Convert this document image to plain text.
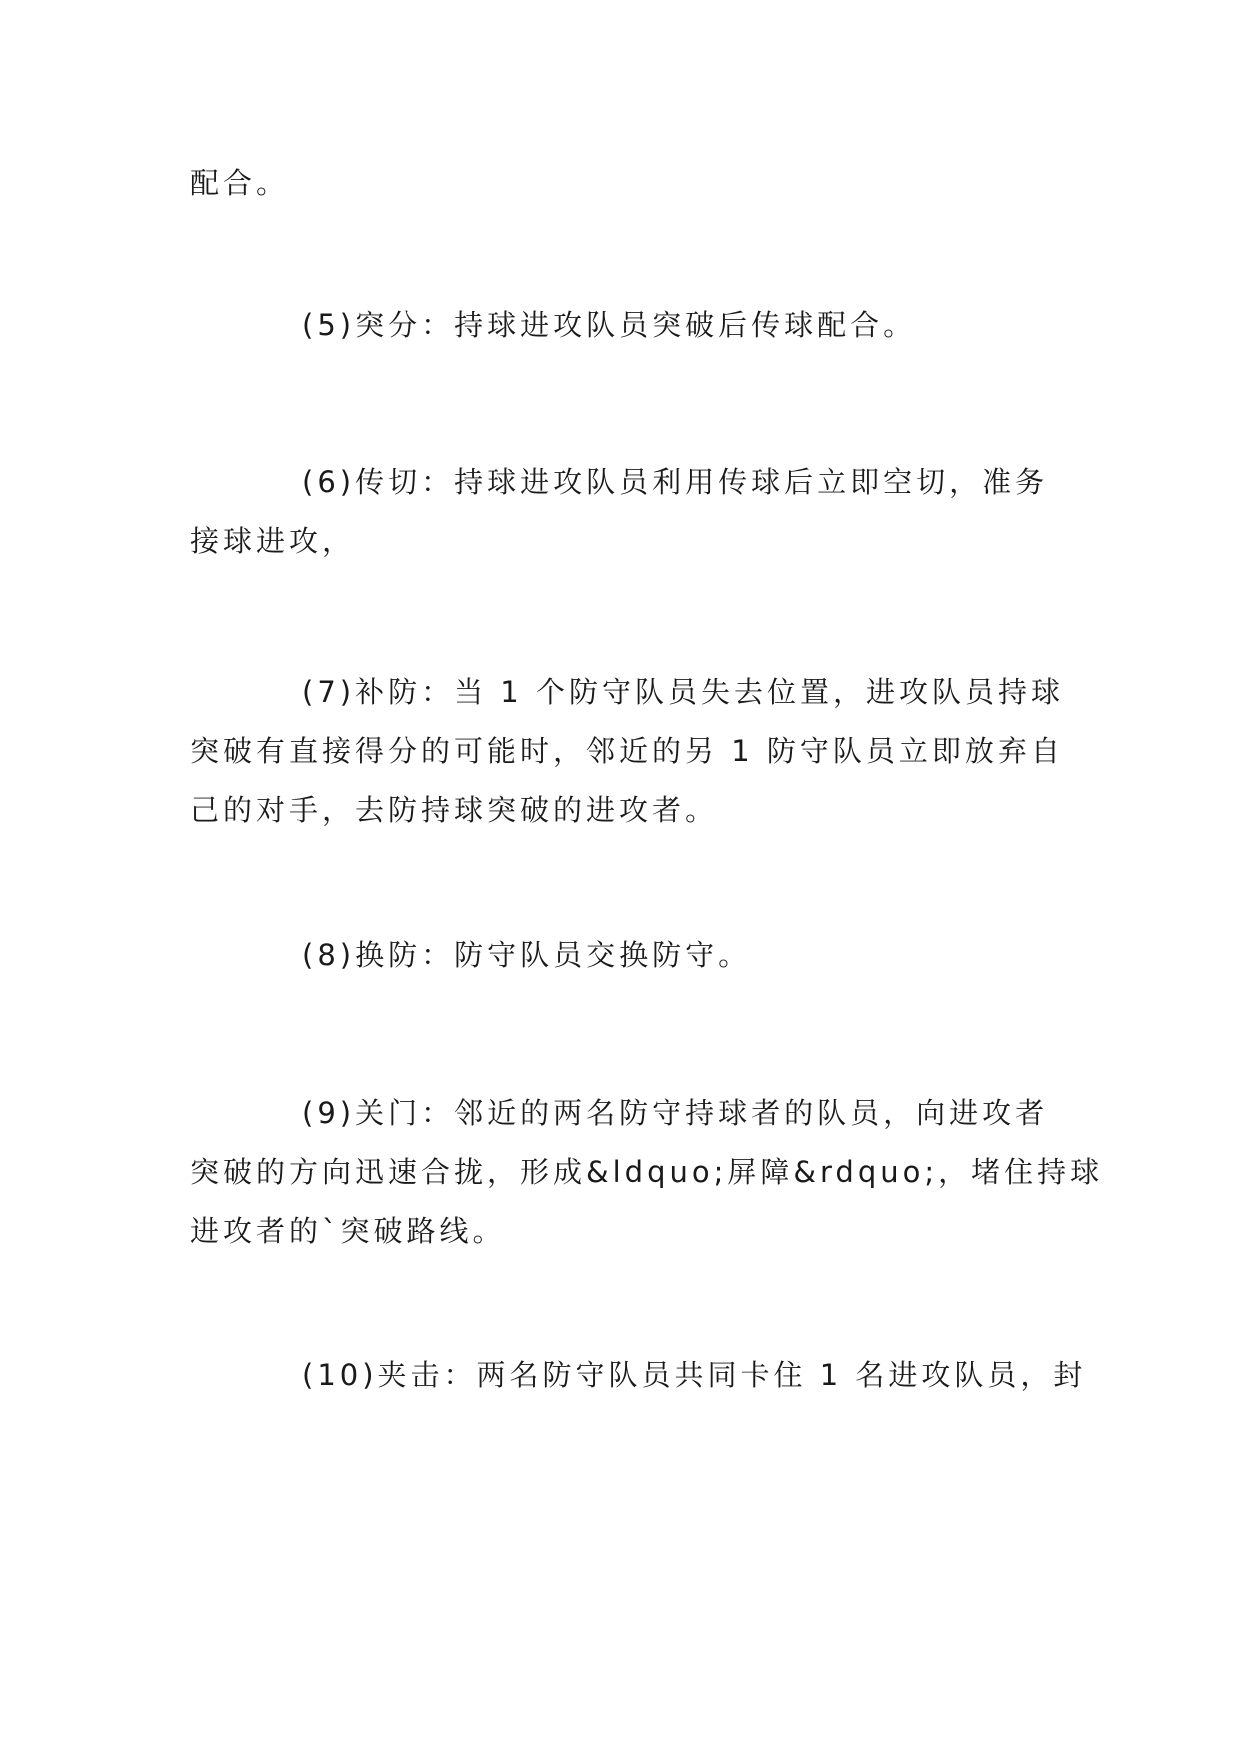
配合。

(5)突分：持球进攻队员突破后传球配合。

(6)传切：持球进攻队员利用传球后立即空切，准务
接球进攻，

(7)补防：当 1 个防守队员失去位置，进攻队员持球
突破有直接得分的可能时，邻近的另 1 防守队员立即放弃自
己的对手，去防持球突破的进攻者。

(8)换防：防守队员交换防守。

(9)关门：邻近的两名防守持球者的队员，向进攻者
突破的方向迅速合拢，形成&ldquo;屏障&rdquo;，堵住持球
进攻者的`突破路线。

(10)夹击：两名防守队员共同卡住 1 名进攻队员，封
